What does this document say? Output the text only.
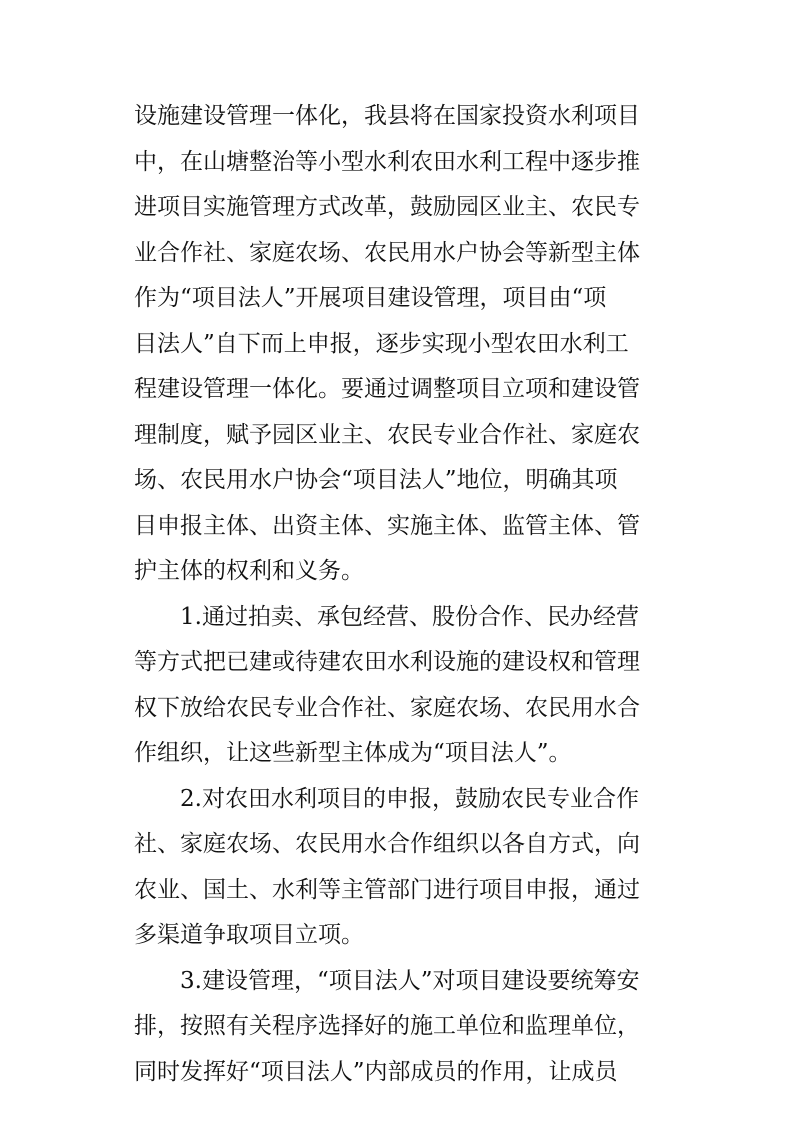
设施建设管理一体化，我县将在国家投资水利项目
中，在山塘整治等小型水利农田水利工程中逐步推
进项目实施管理方式改革，鼓励园区业主、农民专
业合作社、家庭农场、农民用水户协会等新型主体
作为“项目法人”开展项目建设管理，项目由“项
目法人”自下而上申报，逐步实现小型农田水利工
程建设管理一体化。要通过调整项目立项和建设管
理制度，赋予园区业主、农民专业合作社、家庭农
场、农民用水户协会“项目法人”地位，明确其项
目申报主体、出资主体、实施主体、监管主体、管
护主体的权利和义务。
1.通过拍卖、承包经营、股份合作、民办经营
等方式把已建或待建农田水利设施的建设权和管理
权下放给农民专业合作社、家庭农场、农民用水合
作组织，让这些新型主体成为“项目法人”。
2.对农田水利项目的申报，鼓励农民专业合作
社、家庭农场、农民用水合作组织以各自方式，向
农业、国土、水利等主管部门进行项目申报，通过
多渠道争取项目立项。
3.建设管理，“项目法人”对项目建设要统筹安
排，按照有关程序选择好的施工单位和监理单位，
同时发挥好“项目法人”内部成员的作用，让成员
